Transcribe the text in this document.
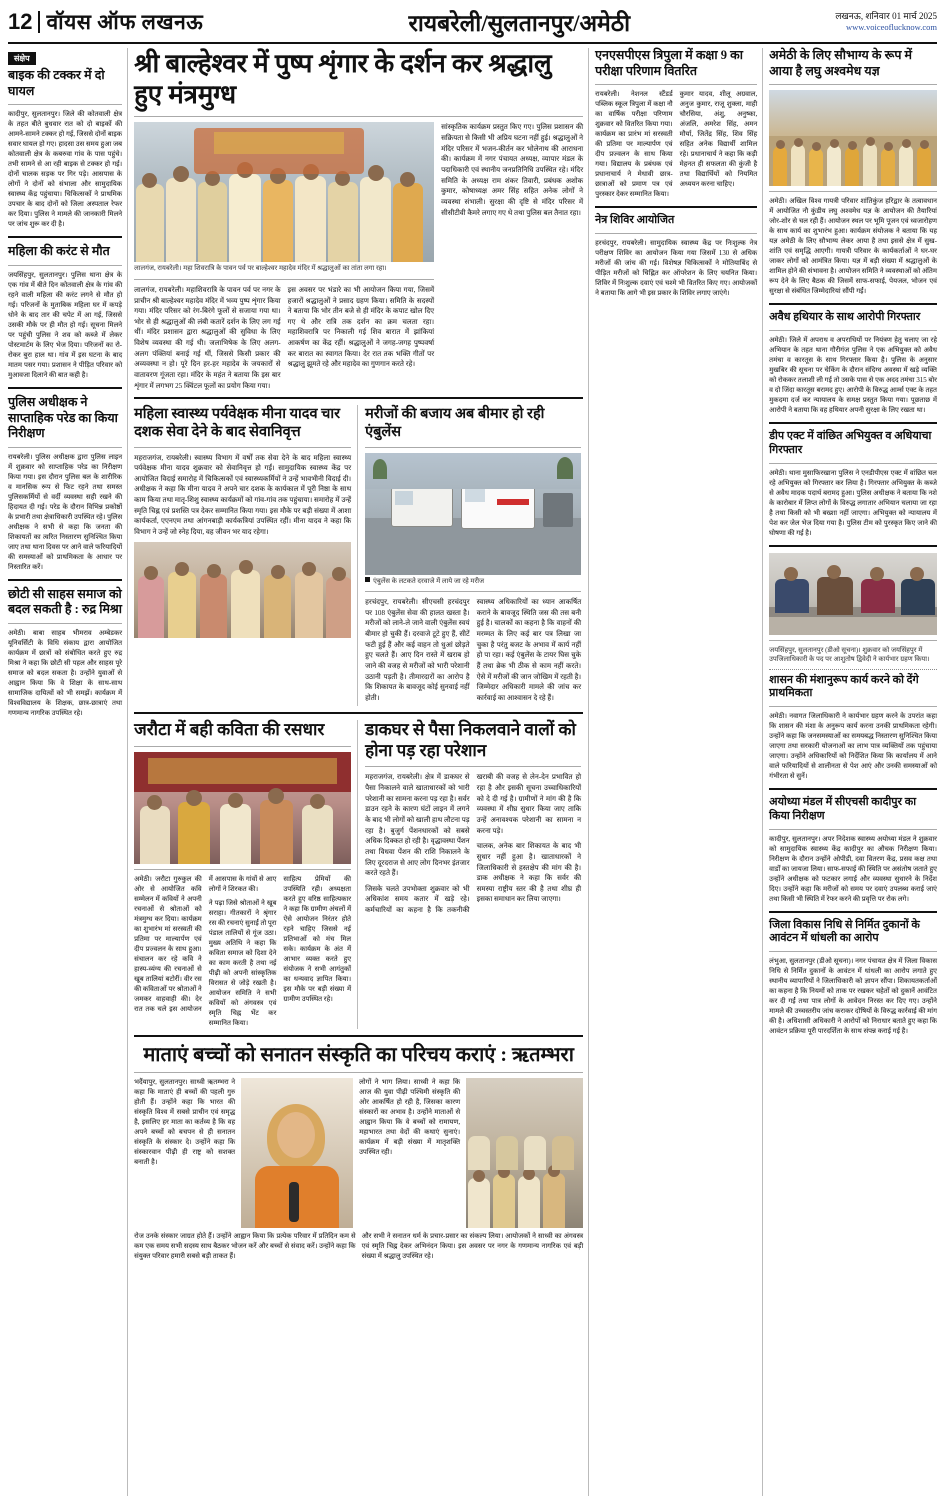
12 वॉयस ऑफ लखनऊ	रायबरेली/सुलतानपुर/अमेठी	लखनऊ, शनिवार 01 मार्च 2025
www.voiceoflucknow.com
संक्षेप
बाइक की टक्कर में दो घायल
कादीपुर, सुलतानपुर। जिले की कोतवाली क्षेत्र के तहत बीते बुधवार रात को दो बाइकों की आमने-सामने टक्कर हो गई, जिससे दोनों बाइक सवार घायल हो गए। हादसा उस समय हुआ जब कोतवाली क्षेत्र के कबरुवा गांव के पास पहुंचे। तभी सामने से आ रही बाइक से टक्कर हो गई। दोनों चालक सड़क पर गिर पड़े। आसपास के लोगों ने दोनों को संभाला और सामुदायिक स्वास्थ्य केंद्र पहुंचाया। चिकित्सकों ने प्राथमिक उपचार के बाद दोनों को जिला अस्पताल रेफर कर दिया। पुलिस ने मामले की जानकारी मिलने पर जांच शुरू कर दी है।
महिला की करंट से मौत
जयसिंहपुर, सुलतानपुर। पुलिस थाना क्षेत्र के एक गांव में बीते दिन कोतवाली क्षेत्र के गांव की रहने वाली महिला की करंट लगने से मौत हो गई। परिजनों के मुताबिक महिला घर में कपड़े धोने के बाद तार की चपेट में आ गई, जिससे उसकी मौके पर ही मौत हो गई। सूचना मिलने पर पहुंची पुलिस ने शव को कब्जे में लेकर पोस्टमार्टम के लिए भेज दिया। परिजनों का रो-रोकर बुरा हाल था। गांव में इस घटना के बाद मातम पसर गया। प्रशासन ने पीड़ित परिवार को मुआवजा दिलाने की बात कही है।
पुलिस अधीक्षक ने साप्ताहिक परेड का किया निरीक्षण
रायबरेली। पुलिस अधीक्षक द्वारा पुलिस लाइन में शुक्रवार को साप्ताहिक परेड का निरीक्षण किया गया। इस दौरान पुलिस बल के शारीरिक व मानसिक रूप से फिट रहने तथा समस्त पुलिसकर्मियों से वर्दी व्यवस्था सही रखने की हिदायत दी गई। परेड के दौरान विभिन्न प्रकोष्ठों के प्रभारी तथा क्षेत्राधिकारी उपस्थित रहे। पुलिस अधीक्षक ने सभी से कहा कि जनता की शिकायतों का त्वरित निस्तारण सुनिश्चित किया जाए तथा थाना दिवस पर आने वाले फरियादियों की समस्याओं को प्राथमिकता के आधार पर निस्तारित करें।
छोटी सी साहस समाज को बदल सकती है : रुद्र मिश्रा
अमेठी। बाबा साहब भीमराव अम्बेडकर यूनिवर्सिटी के विधि संकाय द्वारा आयोजित कार्यक्रम में छात्रों को संबोधित करते हुए रुद्र मिश्रा ने कहा कि छोटी सी पहल और साहस पूरे समाज को बदल सकता है। उन्होंने युवाओं से आह्वान किया कि वे शिक्षा के साथ-साथ सामाजिक दायित्वों को भी समझें। कार्यक्रम में विश्वविद्यालय के शिक्षक, छात्र-छात्राएं तथा गणमान्य नागरिक उपस्थित रहे।
श्री बाल्हेश्वर में पुष्प शृंगार के दर्शन कर श्रद्धालु हुए मंत्रमुग्ध
लालगंज, रायबरेली। महा शिवरात्रि के पावन पर्व पर बाल्हेश्वर महादेव मंदिर में श्रद्धालुओं का तांता लगा रहा।
लालगंज, रायबरेली। महाशिवरात्रि के पावन पर्व पर नगर के प्राचीन श्री बाल्हेश्वर महादेव मंदिर में भव्य पुष्प शृंगार किया गया। मंदिर परिसर को रंग-बिरंगे फूलों से सजाया गया था। भोर से ही श्रद्धालुओं की लंबी कतारें दर्शन के लिए लग गई थीं। मंदिर प्रशासन द्वारा श्रद्धालुओं की सुविधा के लिए विशेष व्यवस्था की गई थी। जलाभिषेक के लिए अलग-अलग पंक्तियां बनाई गई थीं, जिससे किसी प्रकार की अव्यवस्था न हो। पूरे दिन हर-हर महादेव के जयकारों से वातावरण गूंजता रहा। मंदिर के महंत ने बताया कि इस बार शृंगार में लगभग 25 क्विंटल फूलों का प्रयोग किया गया।
इस अवसर पर भंडारे का भी आयोजन किया गया, जिसमें हजारों श्रद्धालुओं ने प्रसाद ग्रहण किया। समिति के सदस्यों ने बताया कि भोर तीन बजे से ही मंदिर के कपाट खोल दिए गए थे और रात्रि तक दर्शन का क्रम चलता रहा। महाशिवरात्रि पर निकाली गई शिव बारात में झांकियां आकर्षण का केंद्र रहीं। श्रद्धालुओं ने जगह-जगह पुष्पवर्षा कर बारात का स्वागत किया। देर रात तक भक्ति गीतों पर श्रद्धालु झूमते रहे और महादेव का गुणगान करते रहे।
सांस्कृतिक कार्यक्रम प्रस्तुत किए गए। पुलिस प्रशासन की सक्रियता से किसी भी अप्रिय घटना नहीं हुई। श्रद्धालुओं ने मंदिर परिसर में भजन-कीर्तन कर भोलेनाथ की आराधना की। कार्यक्रम में नगर पंचायत अध्यक्ष, व्यापार मंडल के पदाधिकारी एवं स्थानीय जनप्रतिनिधि उपस्थित रहे। मंदिर समिति के अध्यक्ष राम शंकर तिवारी, प्रबंधक अशोक कुमार, कोषाध्यक्ष अमर सिंह सहित अनेक लोगों ने व्यवस्था संभाली। सुरक्षा की दृष्टि से मंदिर परिसर में सीसीटीवी कैमरे लगाए गए थे तथा पुलिस बल तैनात रहा।
महिला स्वास्थ्य पर्यवेक्षक मीना यादव चार दशक सेवा देने के बाद सेवानिवृत्त
महराजगंज, रायबरेली। स्वास्थ्य विभाग में वर्षों तक सेवा देने के बाद महिला स्वास्थ्य पर्यवेक्षक मीना यादव शुक्रवार को सेवानिवृत्त हो गईं। सामुदायिक स्वास्थ्य केंद्र पर आयोजित विदाई समारोह में चिकित्सकों एवं स्वास्थ्यकर्मियों ने उन्हें भावभीनी विदाई दी। अधीक्षक ने कहा कि मीना यादव ने अपने चार दशक के कार्यकाल में पूरी निष्ठा के साथ काम किया तथा मातृ-शिशु स्वास्थ्य कार्यक्रमों को गांव-गांव तक पहुंचाया। समारोह में उन्हें स्मृति चिह्न एवं प्रशस्ति पत्र देकर सम्मानित किया गया। इस मौके पर बड़ी संख्या में आशा कार्यकर्ता, एएनएम तथा आंगनबाड़ी कार्यकत्रियां उपस्थित रहीं। मीना यादव ने कहा कि विभाग ने उन्हें जो स्नेह दिया, वह जीवन भर याद रहेगा।
मरीजों की बजाय अब बीमार हो रही एंबुलेंस
एंबुलेंस के लटकते दरवाजे में लाये जा रहे मरीज
हरचंदपुर, रायबरेली। सीएचसी हरचंदपुर पर 108 एंबुलेंस सेवा की हालत खस्ता है। मरीजों को लाने-ले जाने वाली एंबुलेंस स्वयं बीमार हो चुकी हैं। दरवाजे टूटे हुए हैं, सीटें फटी हुई हैं और कई वाहन तो धुआं छोड़ते हुए चलते हैं। आए दिन रास्ते में खराब हो जाने की वजह से मरीजों को भारी परेशानी उठानी पड़ती है। तीमारदारों का आरोप है कि शिकायत के बावजूद कोई सुनवाई नहीं होती।
स्वास्थ्य अधिकारियों का ध्यान आकर्षित कराने के बावजूद स्थिति जस की तस बनी हुई है। चालकों का कहना है कि वाहनों की मरम्मत के लिए कई बार पत्र लिखा जा चुका है परंतु बजट के अभाव में कार्य नहीं हो पा रहा। कई एंबुलेंस के टायर घिस चुके हैं तथा ब्रेक भी ठीक से काम नहीं करते। ऐसे में मरीजों की जान जोखिम में रहती है। जिम्मेदार अधिकारी मामले की जांच कर कार्रवाई का आश्वासन दे रहे हैं।
जरौटा में बही कविता की रसधार
अमेठी। जरौटा गुरुकुल की ओर से आयोजित कवि सम्मेलन में कवियों ने अपनी रचनाओं से श्रोताओं को मंत्रमुग्ध कर दिया। कार्यक्रम का शुभारंभ मां सरस्वती की प्रतिमा पर माल्यार्पण एवं दीप प्रज्वलन के साथ हुआ। संचालन कर रहे कवि ने हास्य-व्यंग्य की रचनाओं से खूब तालियां बटोरीं। वीर रस की कविताओं पर श्रोताओं ने जमकर वाहवाही की। देर रात तक चले इस आयोजन में आसपास के गांवों से आए लोगों ने शिरकत की।
ने पढ़ा जिसे श्रोताओं ने खूब सराहा। गीतकारों ने श्रृंगार रस की रचनाएं सुनाईं तो पूरा पंडाल तालियों से गूंज उठा। मुख्य अतिथि ने कहा कि कविता समाज को दिशा देने का काम करती है तथा नई पीढ़ी को अपनी सांस्कृतिक विरासत से जोड़े रखती है। आयोजन समिति ने सभी कवियों को अंगवस्त्र एवं स्मृति चिह्न भेंट कर सम्मानित किया।
साहित्य प्रेमियों की उपस्थिति रही। अध्यक्षता करते हुए वरिष्ठ साहित्यकार ने कहा कि ग्रामीण अंचलों में ऐसे आयोजन निरंतर होते रहने चाहिए जिससे नई प्रतिभाओं को मंच मिल सके। कार्यक्रम के अंत में आभार व्यक्त करते हुए संयोजक ने सभी आगंतुकों का धन्यवाद ज्ञापित किया। इस मौके पर बड़ी संख्या में ग्रामीण उपस्थित रहे।
डाकघर से पैसा निकलवाने वालों को होना पड़ रहा परेशान
महराजगंज, रायबरेली। क्षेत्र में डाकघर से पैसा निकालने वाले खाताधारकों को भारी परेशानी का सामना करना पड़ रहा है। सर्वर डाउन रहने के कारण घंटों लाइन में लगने के बाद भी लोगों को खाली हाथ लौटना पड़ रहा है। बुजुर्ग पेंशनधारकों को सबसे अधिक दिक्कत हो रही है। वृद्धावस्था पेंशन तथा विधवा पेंशन की राशि निकालने के लिए दूरदराज से आए लोग दिनभर इंतजार करते रहते हैं।
जिसके चलते उपभोक्ता शुक्रवार को भी अधिकांश समय कतार में खड़े रहे। कर्मचारियों का कहना है कि तकनीकी खराबी की वजह से लेन-देन प्रभावित हो रहा है और इसकी सूचना उच्चाधिकारियों को दे दी गई है। ग्रामीणों ने मांग की है कि व्यवस्था में शीघ्र सुधार किया जाए ताकि उन्हें अनावश्यक परेशानी का सामना न करना पड़े।
चालक, अनेक बार शिकायत के बाद भी सुधार नहीं हुआ है। खाताधारकों ने जिलाधिकारी से हस्तक्षेप की मांग की है। डाक अधीक्षक ने कहा कि सर्वर की समस्या राष्ट्रीय स्तर की है तथा शीघ्र ही इसका समाधान कर लिया जाएगा।
माताएं बच्चों को सनातन संस्कृति का परिचय कराएं : ऋतम्भरा
भदैंयापुर, सुलतानपुर। साध्वी ऋतम्भरा ने कहा कि माताएं ही बच्चों की पहली गुरु होती हैं। उन्होंने कहा कि भारत की संस्कृति विश्व में सबसे प्राचीन एवं समृद्ध है, इसलिए हर माता का कर्तव्य है कि वह अपने बच्चों को बचपन से ही सनातन संस्कृति के संस्कार दे। उन्होंने कहा कि संस्कारवान पीढ़ी ही राष्ट्र को सशक्त बनाती है।
लोगों ने भाग लिया। साध्वी ने कहा कि आज की युवा पीढ़ी पश्चिमी संस्कृति की ओर आकर्षित हो रही है, जिसका कारण संस्कारों का अभाव है। उन्होंने माताओं से आह्वान किया कि वे बच्चों को रामायण, महाभारत तथा वेदों की कथाएं सुनाएं। कार्यक्रम में बड़ी संख्या में मातृशक्ति उपस्थित रही।
रोज उनके संस्कार जाग्रत होते हैं। उन्होंने आह्वान किया कि प्रत्येक परिवार में प्रतिदिन कम से कम एक समय सभी सदस्य साथ बैठकर भोजन करें और बच्चों से संवाद करें। उन्होंने कहा कि संयुक्त परिवार हमारी सबसे बड़ी ताकत हैं।
और सभी ने सनातन धर्म के प्रचार-प्रसार का संकल्प लिया। आयोजकों ने साध्वी का अंगवस्त्र एवं स्मृति चिह्न देकर अभिनंदन किया। इस अवसर पर नगर के गणमान्य नागरिक एवं बड़ी संख्या में श्रद्धालु उपस्थित रहे।
एनएसपीएस त्रिपुला में कक्षा 9 का परीक्षा परिणाम वितरित
रायबरेली। नेशनल स्टैंडर्ड पब्लिक स्कूल त्रिपुला में कक्षा नौ का वार्षिक परीक्षा परिणाम शुक्रवार को वितरित किया गया। कार्यक्रम का प्रारंभ मां सरस्वती की प्रतिमा पर माल्यार्पण एवं दीप प्रज्वलन के साथ किया गया। विद्यालय के प्रबंधक एवं प्रधानाचार्य ने मेधावी छात्र-छात्राओं को प्रमाण पत्र एवं पुरस्कार देकर सम्मानित किया।
कुमार यादव, शीलू अग्रवाल, अनुज कुमार, राजू शुक्ला, माही चौरसिया, अंशु, अनुष्का, अंजलि, अमरेश सिंह, अमन मौर्या, जितेंद्र सिंह, शिव सिंह सहित अनेक विद्यार्थी शामिल रहे। प्रधानाचार्य ने कहा कि कड़ी मेहनत ही सफलता की कुंजी है तथा विद्यार्थियों को नियमित अध्ययन करना चाहिए।
नेत्र शिविर आयोजित
हरचंदपुर, रायबरेली। सामुदायिक स्वास्थ्य केंद्र पर निःशुल्क नेत्र परीक्षण शिविर का आयोजन किया गया जिसमें 130 से अधिक मरीजों की जांच की गई। विशेषज्ञ चिकित्सकों ने मोतियाबिंद से पीड़ित मरीजों को चिह्नित कर ऑपरेशन के लिए चयनित किया। शिविर में निःशुल्क दवाएं एवं चश्मे भी वितरित किए गए। आयोजकों ने बताया कि आगे भी इस प्रकार के शिविर लगाए जाएंगे।
अमेठी के लिए सौभाग्य के रूप में आया है लघु अश्वमेध यज्ञ
अमेठी। अखिल विश्व गायत्री परिवार शांतिकुंज हरिद्वार के तत्वावधान में आयोजित नौ कुंडीय लघु अश्वमेध यज्ञ के आयोजन की तैयारियां जोर-शोर से चल रही हैं। आयोजन स्थल पर भूमि पूजन एवं ध्वजारोहण के साथ कार्य का शुभारंभ हुआ। कार्यक्रम संयोजक ने बताया कि यह यज्ञ अमेठी के लिए सौभाग्य लेकर आया है तथा इससे क्षेत्र में सुख-शांति एवं समृद्धि आएगी। गायत्री परिवार के कार्यकर्ताओं ने घर-घर जाकर लोगों को आमंत्रित किया। यज्ञ में बड़ी संख्या में श्रद्धालुओं के शामिल होने की संभावना है। आयोजन समिति ने व्यवस्थाओं को अंतिम रूप देने के लिए बैठक की जिसमें साफ-सफाई, पेयजल, भोजन एवं सुरक्षा से संबंधित जिम्मेदारियां सौंपी गईं।
अवैध हथियार के साथ आरोपी गिरफ्तार
अमेठी। जिले में अपराध व अपराधियों पर नियंत्रण हेतु चलाए जा रहे अभियान के तहत थाना गौरीगंज पुलिस ने एक अभियुक्त को अवैध तमंचा व कारतूस के साथ गिरफ्तार किया है। पुलिस के अनुसार मुखबिर की सूचना पर चेकिंग के दौरान संदिग्ध अवस्था में खड़े व्यक्ति को रोककर तलाशी ली गई तो उसके पास से एक अदद तमंचा 315 बोर व दो जिंदा कारतूस बरामद हुए। आरोपी के विरुद्ध आर्म्स एक्ट के तहत मुकदमा दर्ज कर न्यायालय के समक्ष प्रस्तुत किया गया। पूछताछ में आरोपी ने बताया कि वह हथियार अपनी सुरक्षा के लिए रखता था।
डीप एक्ट में वांछित अभियुक्त व अधियाचा गिरफ्तार
अमेठी। थाना मुसाफिरखाना पुलिस ने एनडीपीएस एक्ट में वांछित चल रहे अभियुक्त को गिरफ्तार कर लिया है। गिरफ्तार अभियुक्त के कब्जे से अवैध मादक पदार्थ बरामद हुआ। पुलिस अधीक्षक ने बताया कि नशे के कारोबार में लिप्त लोगों के विरुद्ध लगातार अभियान चलाया जा रहा है तथा किसी को भी बख्शा नहीं जाएगा। अभियुक्त को न्यायालय में पेश कर जेल भेज दिया गया है। पुलिस टीम को पुरस्कृत किए जाने की घोषणा की गई है।
जयसिंहपुर, सुलतानपुर (डीओ सूचना)। शुक्रवार को जयसिंहपुर में उपजिलाधिकारी के पद पर आशुतोष द्विवेदी ने कार्यभार ग्रहण किया।
शासन की मंशानुरूप कार्य करने को देंगे प्राथमिकता
अमेठी। नवागत जिलाधिकारी ने कार्यभार ग्रहण करने के उपरांत कहा कि शासन की मंशा के अनुरूप कार्य करना उनकी प्राथमिकता रहेगी। उन्होंने कहा कि जनसमस्याओं का समयबद्ध निस्तारण सुनिश्चित किया जाएगा तथा सरकारी योजनाओं का लाभ पात्र व्यक्तियों तक पहुंचाया जाएगा। उन्होंने अधिकारियों को निर्देशित किया कि कार्यालय में आने वाले फरियादियों से शालीनता से पेश आएं और उनकी समस्याओं को गंभीरता से सुनें।
अयोध्या मंडल में सीएचसी कादीपुर का किया निरीक्षण
कादीपुर, सुलतानपुर। अपर निदेशक स्वास्थ्य अयोध्या मंडल ने शुक्रवार को सामुदायिक स्वास्थ्य केंद्र कादीपुर का औचक निरीक्षण किया। निरीक्षण के दौरान उन्होंने ओपीडी, दवा वितरण केंद्र, प्रसव कक्ष तथा वार्डों का जायजा लिया। साफ-सफाई की स्थिति पर असंतोष जताते हुए उन्होंने अधीक्षक को फटकार लगाई और व्यवस्था सुधारने के निर्देश दिए। उन्होंने कहा कि मरीजों को समय पर दवाएं उपलब्ध कराई जाएं तथा किसी भी स्थिति में रेफर करने की प्रवृत्ति पर रोक लगे।
जिला विकास निधि से निर्मित दुकानों के आवंटन में धांधली का आरोप
लंभुआ, सुलतानपुर (डीओ सूचना)। नगर पंचायत क्षेत्र में जिला विकास निधि से निर्मित दुकानों के आवंटन में धांधली का आरोप लगाते हुए स्थानीय व्यापारियों ने जिलाधिकारी को ज्ञापन सौंपा। शिकायतकर्ताओं का कहना है कि नियमों को ताक पर रखकर चहेतों को दुकानें आवंटित कर दी गईं तथा पात्र लोगों के आवेदन निरस्त कर दिए गए। उन्होंने मामले की उच्चस्तरीय जांच कराकर दोषियों के विरुद्ध कार्रवाई की मांग की है। अधिशासी अधिकारी ने आरोपों को निराधार बताते हुए कहा कि आवंटन प्रक्रिया पूरी पारदर्शिता के साथ संपन्न कराई गई है।
